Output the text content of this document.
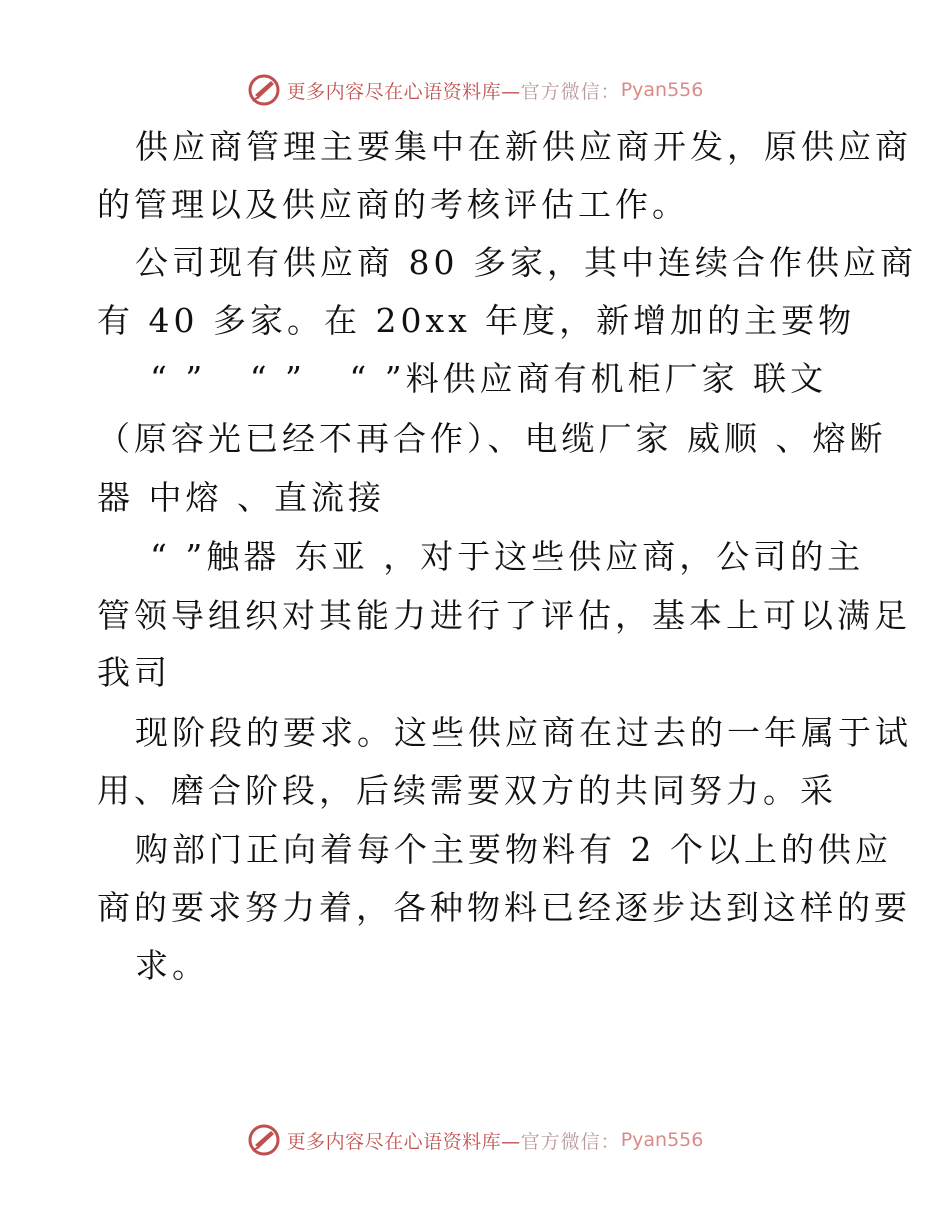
更多内容尽在心语资料库— 官方微信： Pyan556
供应商管理主要集中在新供应商开发，原供应商
的管理以及供应商的考核评估工作。
公司现有供应商 80 多家，其中连续合作供应商
有 40 多家。在 20xx 年度，新增加的主要物
“ ”   “ ”   “ ”料供应商有机柜厂家 联文
（原容光已经不再合作）、电缆厂家 威顺 、熔断
器 中熔 、直流接
“ ”触器 东亚 ，对于这些供应商，公司的主
管领导组织对其能力进行了评估，基本上可以满足
我司
现阶段的要求。这些供应商在过去的一年属于试
用、磨合阶段，后续需要双方的共同努力。采
购部门正向着每个主要物料有 2 个以上的供应
商的要求努力着，各种物料已经逐步达到这样的要
求。
更多内容尽在心语资料库— 官方微信： Pyan556
